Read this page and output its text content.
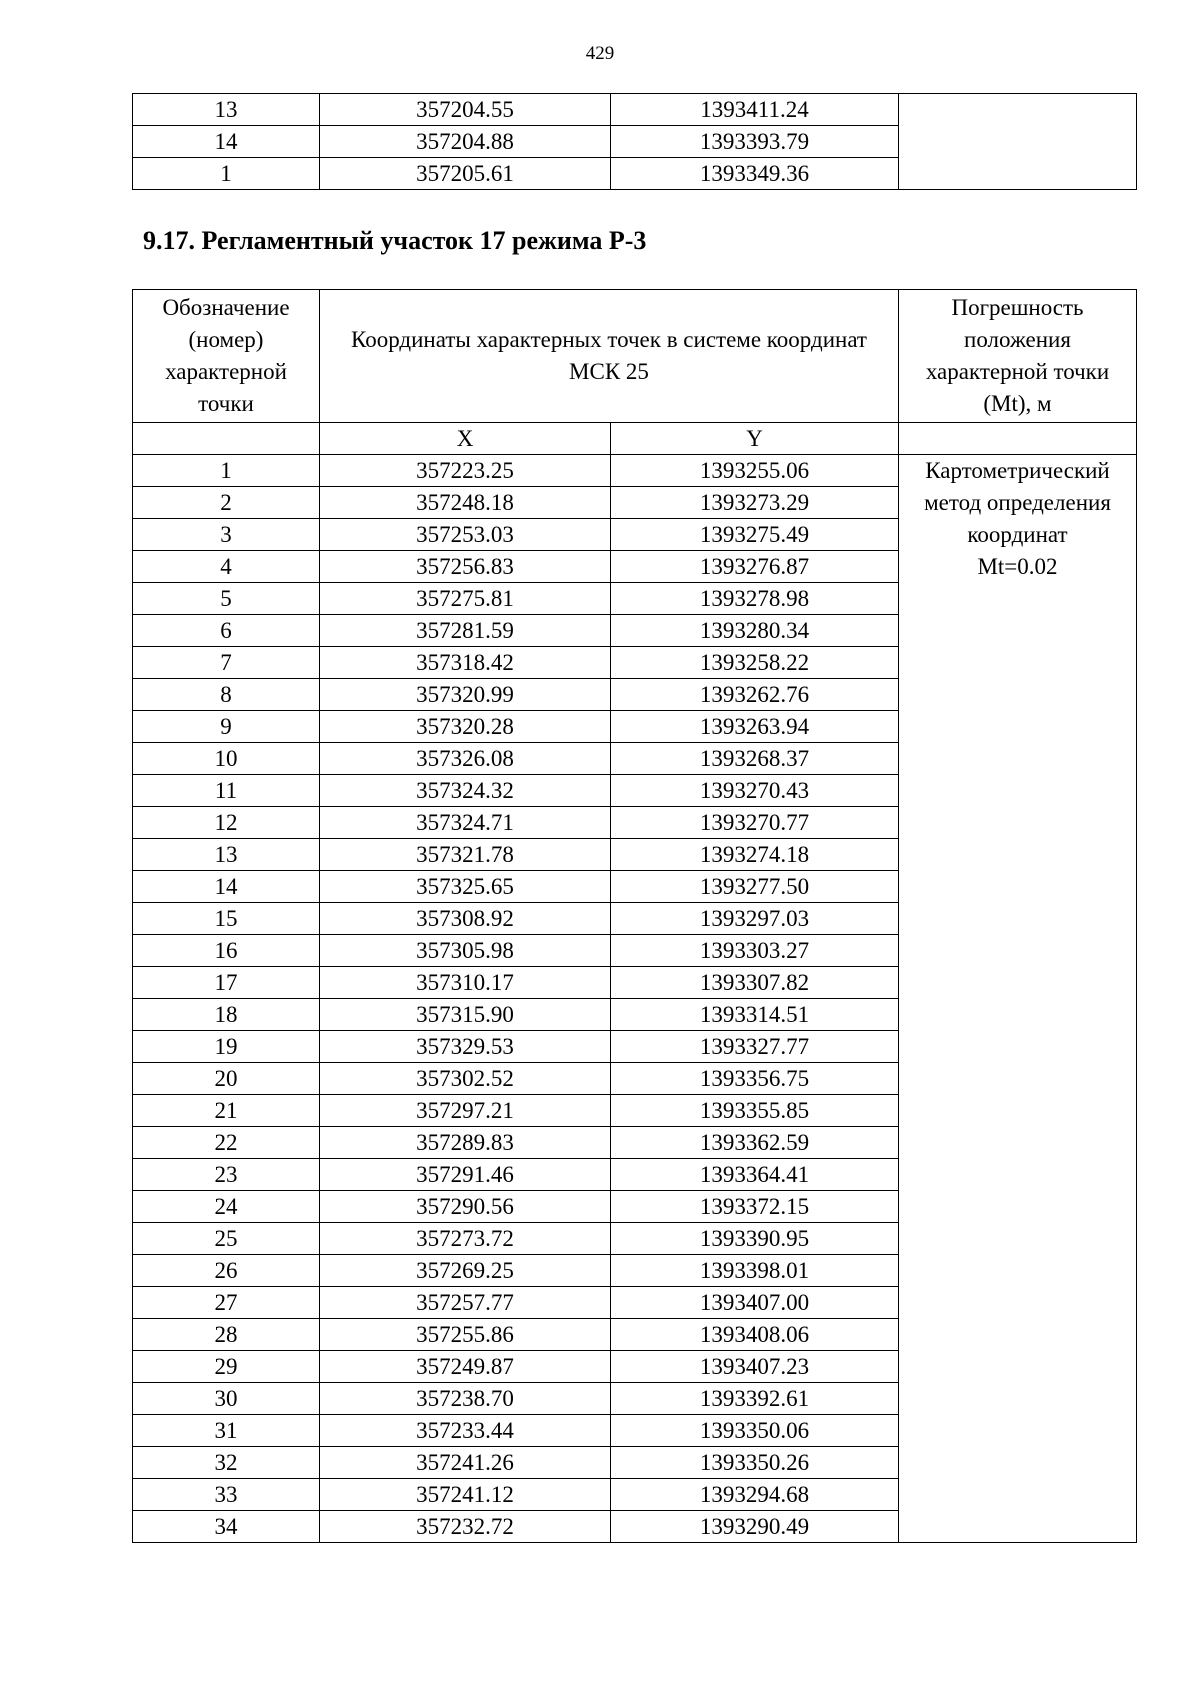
429
13	357204.55	1393411.24	
14	357204.88	1393393.79	
1	357205.61	1393349.36	
9.17. Регламентный участок 17 режима Р-3
Обозначение (номер) характерной точки	Координаты характерных точек в системе координат МСК 25		Погрешность положения характерной точки (Mt), м
	X	Y	
1	357223.25	1393255.06	Картометрический
метод определения
координат
Mt=0.02

2	357248.18	1393273.29	
3	357253.03	1393275.49	
4	357256.83	1393276.87	
5	357275.81	1393278.98	
6	357281.59	1393280.34	
7	357318.42	1393258.22	
8	357320.99	1393262.76	
9	357320.28	1393263.94	
10	357326.08	1393268.37	
11	357324.32	1393270.43	
12	357324.71	1393270.77	
13	357321.78	1393274.18	
14	357325.65	1393277.50	
15	357308.92	1393297.03	
16	357305.98	1393303.27	
17	357310.17	1393307.82	
18	357315.90	1393314.51	
19	357329.53	1393327.77	
20	357302.52	1393356.75	
21	357297.21	1393355.85	
22	357289.83	1393362.59	
23	357291.46	1393364.41	
24	357290.56	1393372.15	
25	357273.72	1393390.95	
26	357269.25	1393398.01	
27	357257.77	1393407.00	
28	357255.86	1393408.06	
29	357249.87	1393407.23	
30	357238.70	1393392.61	
31	357233.44	1393350.06	
32	357241.26	1393350.26	
33	357241.12	1393294.68	
34	357232.72	1393290.49	
